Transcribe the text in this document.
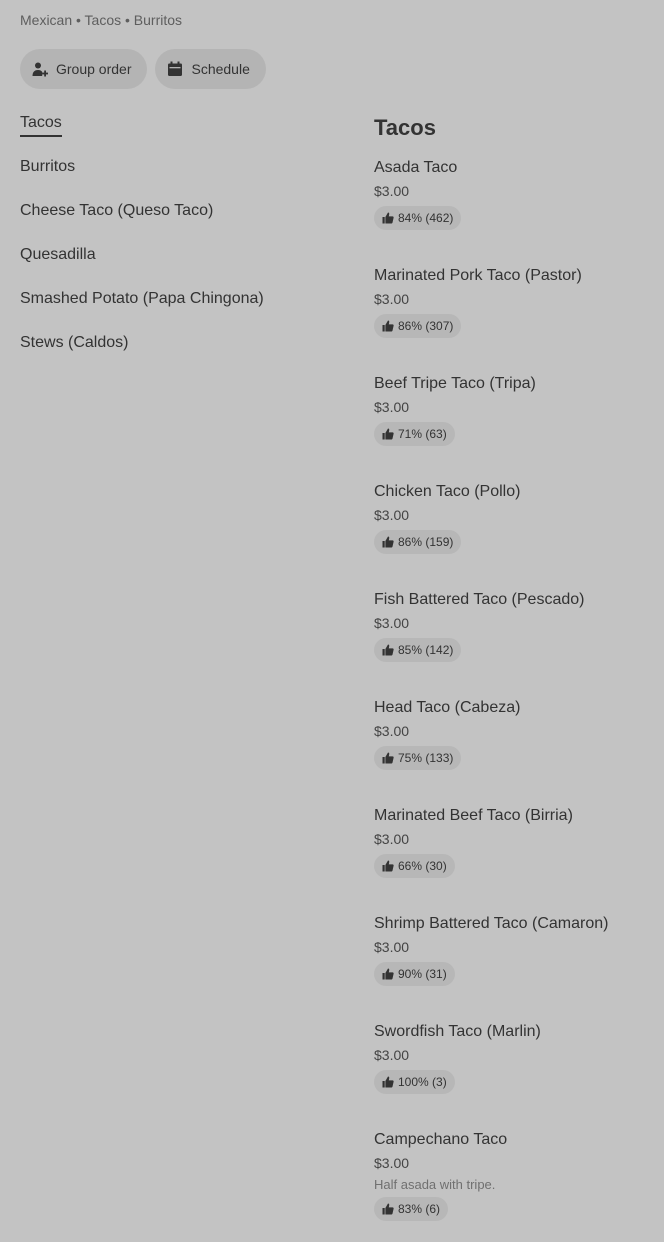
Mexican • Tacos • Burritos
Group order	Schedule
Tacos
Burritos
Cheese Taco (Queso Taco)
Quesadilla
Smashed Potato (Papa Chingona)
Stews (Caldos)
Tacos
Asada Taco
$3.00
84% (462)
Marinated Pork Taco (Pastor)
$3.00
86% (307)
Beef Tripe Taco (Tripa)
$3.00
71% (63)
Chicken Taco (Pollo)
$3.00
86% (159)
Fish Battered Taco (Pescado)
$3.00
85% (142)
Head Taco (Cabeza)
$3.00
75% (133)
Marinated Beef Taco (Birria)
$3.00
66% (30)
Shrimp Battered Taco (Camaron)
$3.00
90% (31)
Swordfish Taco (Marlin)
$3.00
100% (3)
Campechano Taco
$3.00
Half asada with tripe.
83% (6)
